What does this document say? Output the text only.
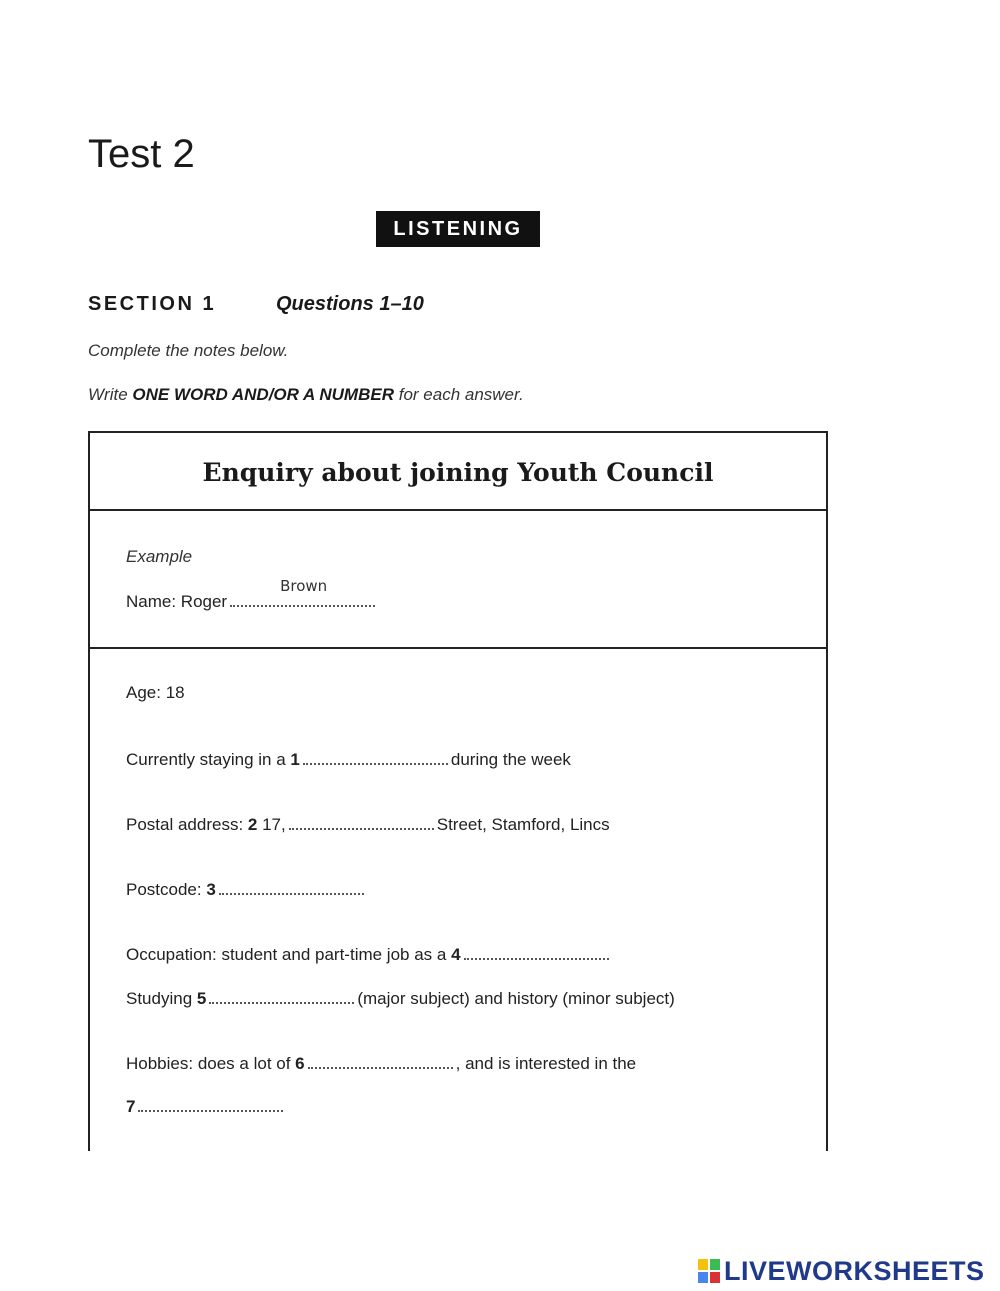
Test 2
LISTENING
SECTION 1	Questions 1–10
Complete the notes below.
Write ONE WORD AND/OR A NUMBER for each answer.
Enquiry about joining Youth Council
Example
Name: Roger
Brown
Age: 18
Currently staying in a 1	during the week
Postal address: 2 17,	Street, Stamford, Lincs
Postcode: 3
Occupation: student and part-time job as a 4
Studying 5	(major subject) and history (minor subject)
Hobbies: does a lot of 6	, and is interested in the
7
LIVEWORKSHEETS
